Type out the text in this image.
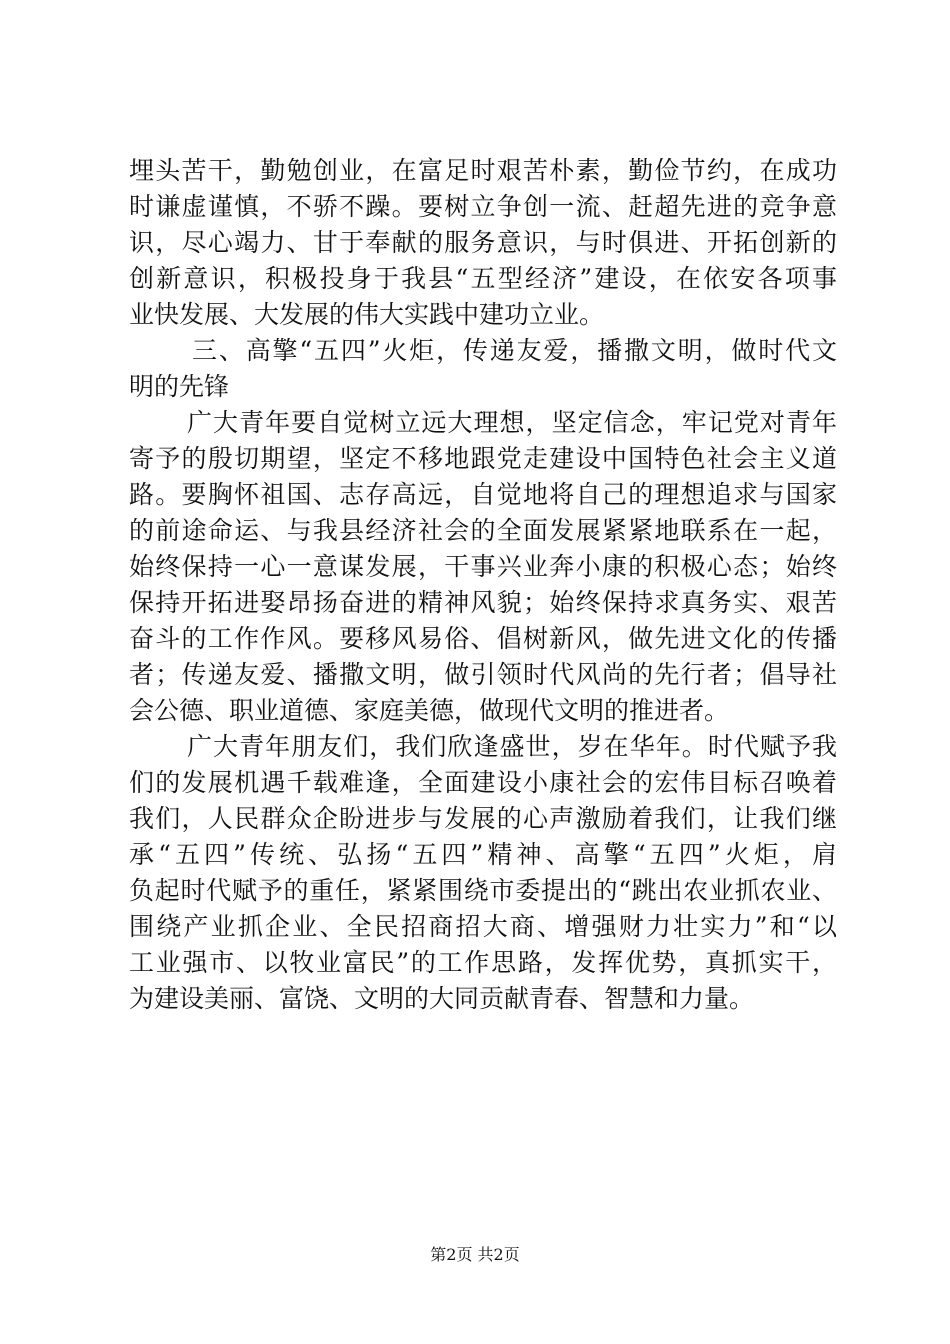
埋头苦干，勤勉创业，在富足时艰苦朴素，勤俭节约，在成功
时谦虚谨慎，不骄不躁。要树立争创一流、赶超先进的竞争意
识，尽心竭力、甘于奉献的服务意识，与时俱进、开拓创新的
创新意识，积极投身于我县“五型经济”建设，在依安各项事
业快发展、大发展的伟大实践中建功立业。
三、高擎“五四”火炬，传递友爱，播撒文明，做时代文
明的先锋
广大青年要自觉树立远大理想，坚定信念，牢记党对青年
寄予的殷切期望，坚定不移地跟党走建设中国特色社会主义道
路。要胸怀祖国、志存高远，自觉地将自己的理想追求与国家
的前途命运、与我县经济社会的全面发展紧紧地联系在一起，
始终保持一心一意谋发展，干事兴业奔小康的积极心态；始终
保持开拓进娶昂扬奋进的精神风貌；始终保持求真务实、艰苦
奋斗的工作作风。要移风易俗、倡树新风，做先进文化的传播
者；传递友爱、播撒文明，做引领时代风尚的先行者；倡导社
会公德、职业道德、家庭美德，做现代文明的推进者。
广大青年朋友们，我们欣逢盛世，岁在华年。时代赋予我
们的发展机遇千载难逢，全面建设小康社会的宏伟目标召唤着
我们，人民群众企盼进步与发展的心声激励着我们，让我们继
承“五四”传统、弘扬“五四”精神、高擎“五四”火炬，肩
负起时代赋予的重任，紧紧围绕市委提出的“跳出农业抓农业、
围绕产业抓企业、全民招商招大商、增强财力壮实力”和“以
工业强市、以牧业富民”的工作思路，发挥优势，真抓实干，
为建设美丽、富饶、文明的大同贡献青春、智慧和力量。
第2页 共2页
